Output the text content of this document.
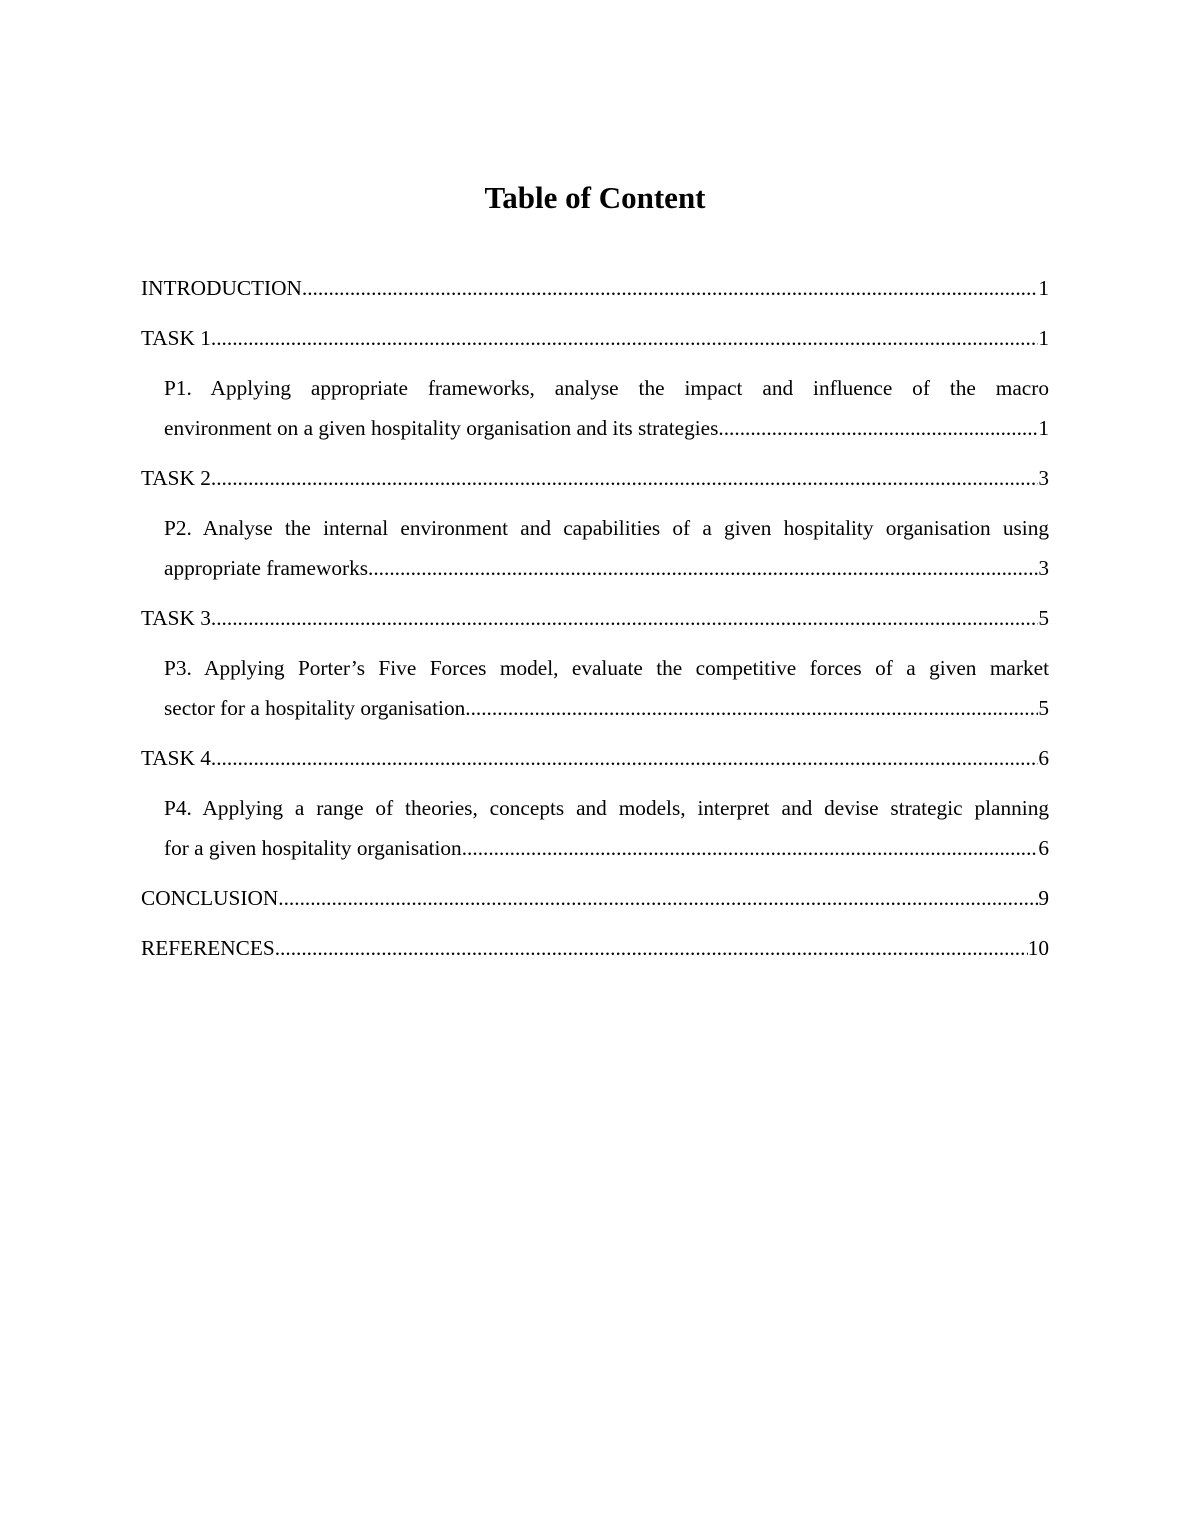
Table of Content
INTRODUCTION .....	1
TASK 1 .....	1
P1. Applying appropriate frameworks, analyse the impact and influence of the macro
environment on a given hospitality organisation and its strategies .....	1
TASK 2 .....	3
P2. Analyse the internal environment and capabilities of a given hospitality organisation using
appropriate frameworks .....	3
TASK 3 .....	5
P3. Applying Porter’s Five Forces model, evaluate the competitive forces of a given market
sector for a hospitality organisation .....	5
TASK 4 .....	6
P4. Applying a range of theories, concepts and models, interpret and devise strategic planning
for a given hospitality organisation .....	6
CONCLUSION .....	9
REFERENCES .....	10
